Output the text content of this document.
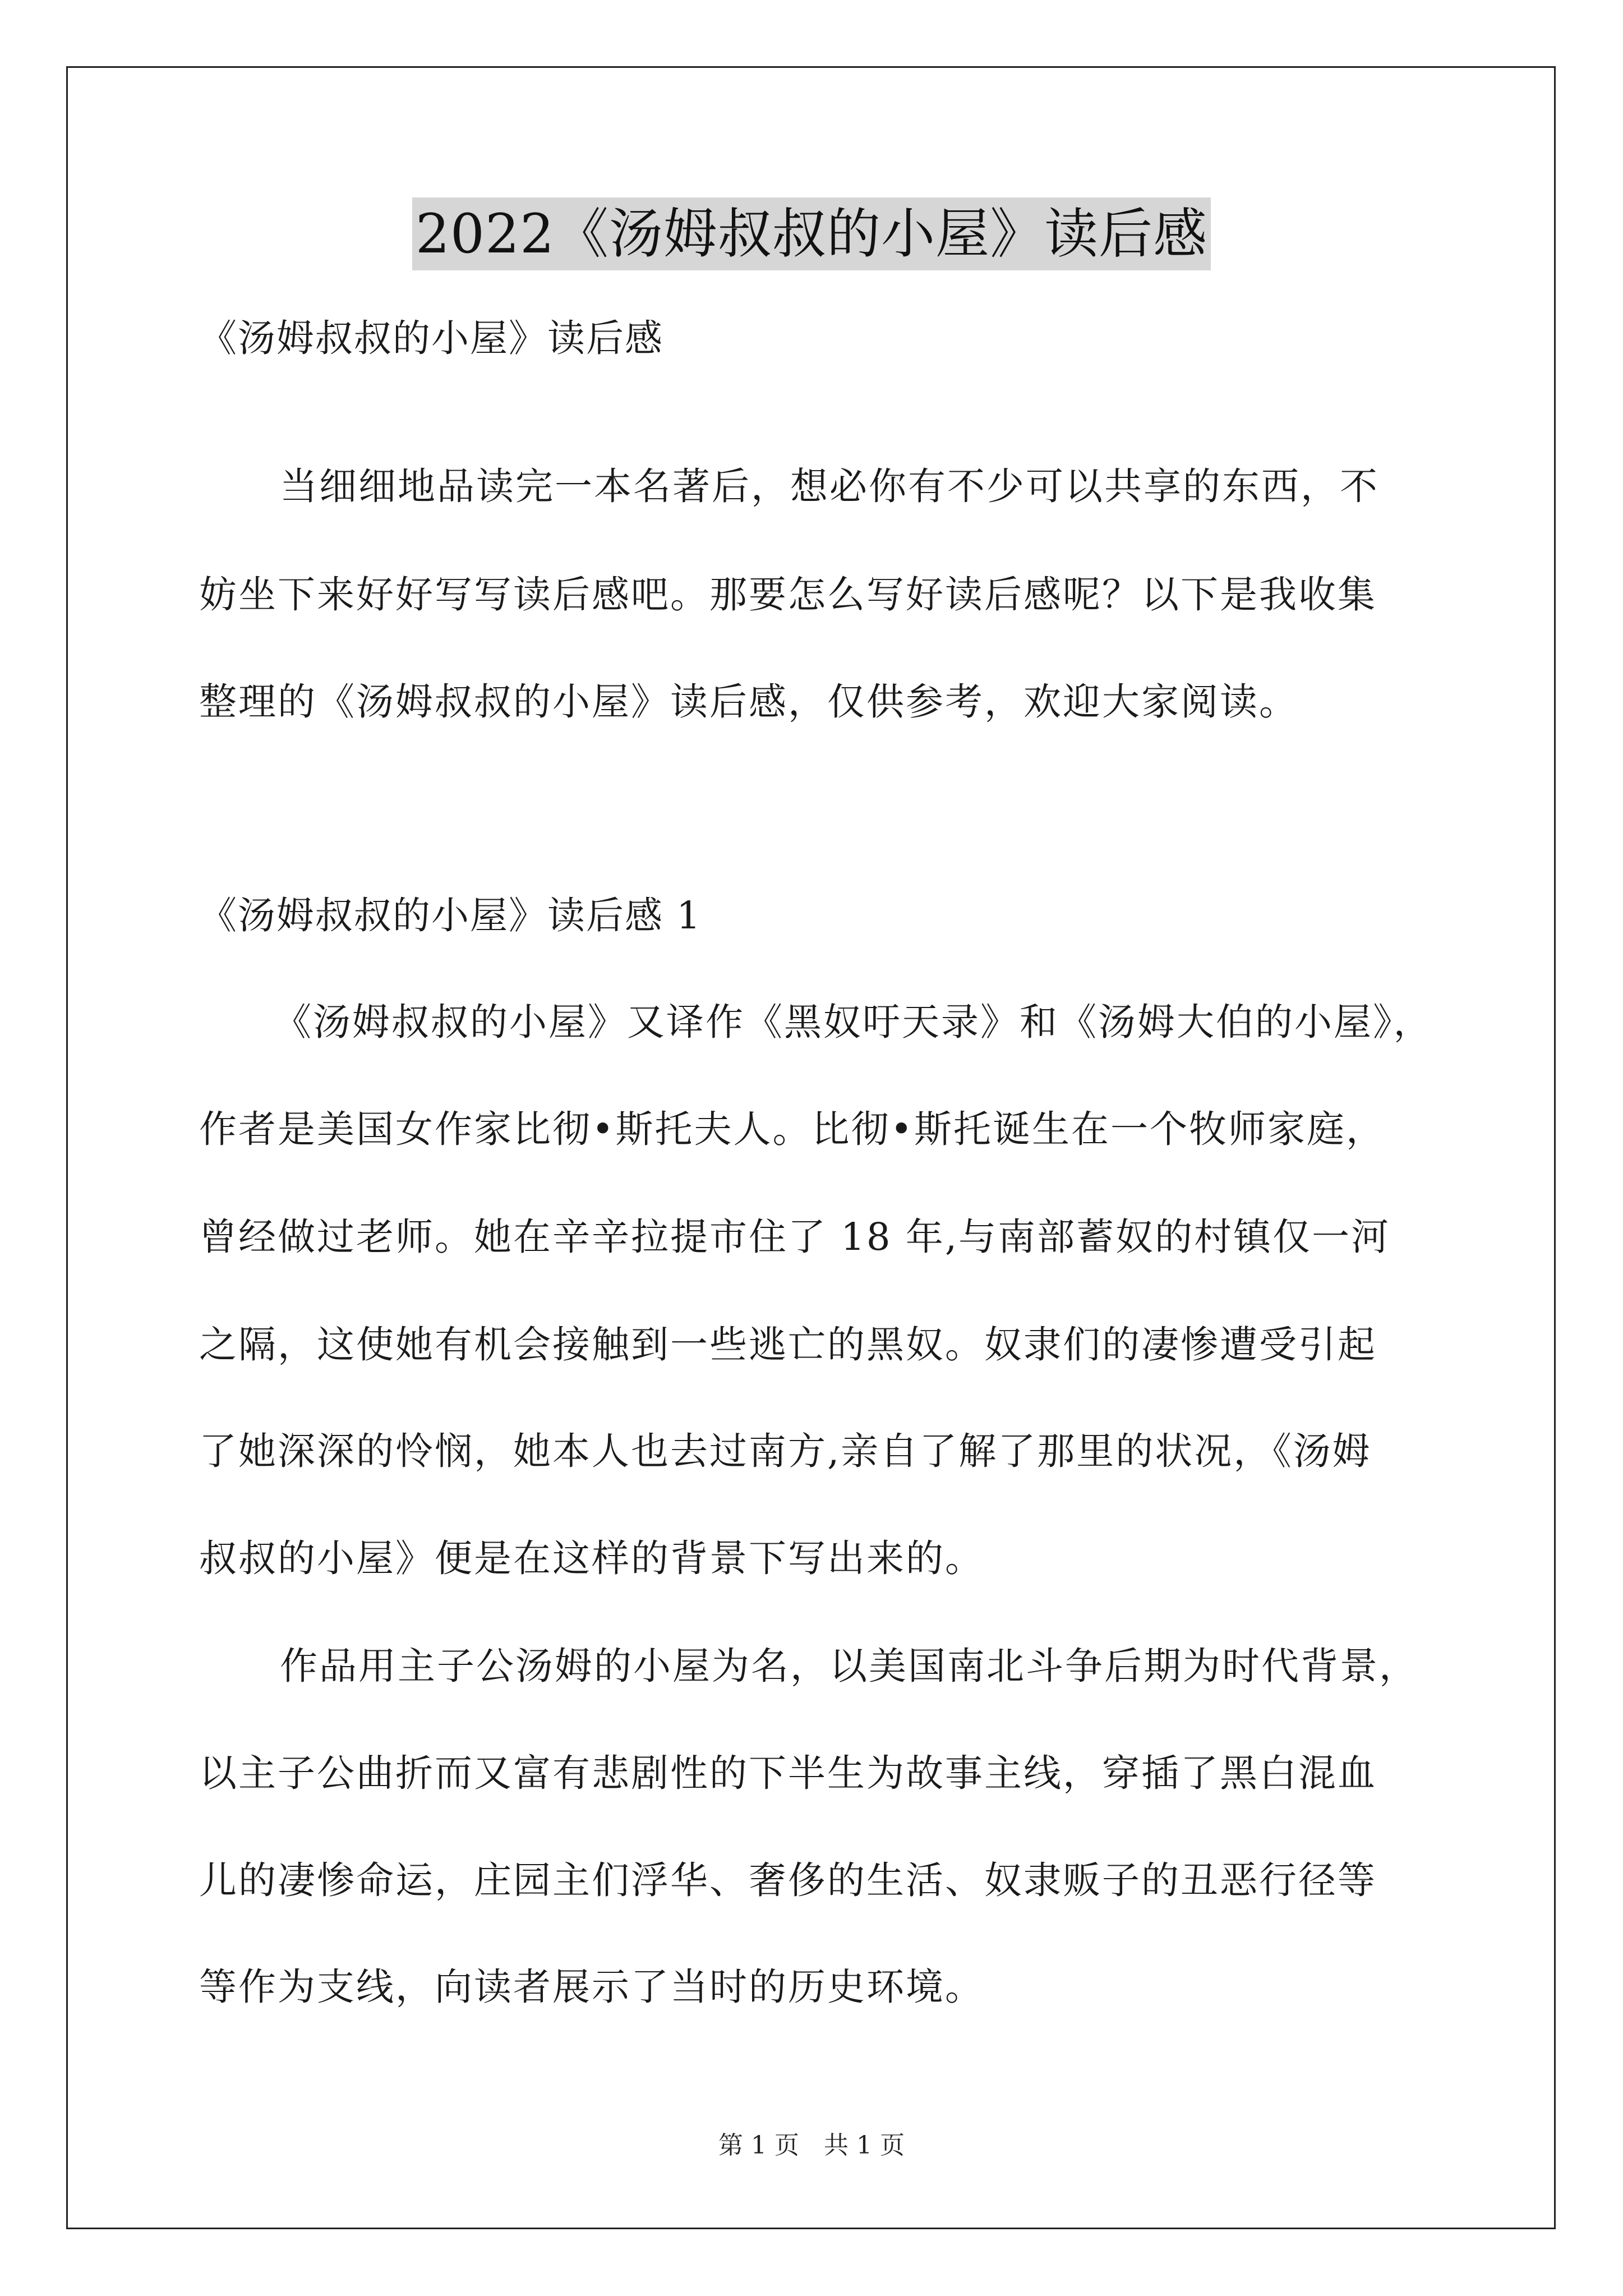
2022《汤姆叔叔的小屋》读后感
《汤姆叔叔的小屋》读后感
当细细地品读完一本名著后，想必你有不少可以共享的东西，不
妨坐下来好好写写读后感吧。那要怎么写好读后感呢？以下是我收集
整理的《汤姆叔叔的小屋》读后感，仅供参考，欢迎大家阅读。
《汤姆叔叔的小屋》读后感 1
《汤姆叔叔的小屋》又译作《黑奴吁天录》和《汤姆大伯的小屋》，
作者是美国女作家比彻•斯托夫人。比彻•斯托诞生在一个牧师家庭，
曾经做过老师。她在辛辛拉提市住了 18 年,与南部蓄奴的村镇仅一河
之隔，这使她有机会接触到一些逃亡的黑奴。奴隶们的凄惨遭受引起
了她深深的怜悯，她本人也去过南方,亲自了解了那里的状况，《汤姆
叔叔的小屋》便是在这样的背景下写出来的。
作品用主子公汤姆的小屋为名，以美国南北斗争后期为时代背景，
以主子公曲折而又富有悲剧性的下半生为故事主线，穿插了黑白混血
儿的凄惨命运，庄园主们浮华、奢侈的生活、奴隶贩子的丑恶行径等
等作为支线，向读者展示了当时的历史环境。
第 1 页 共 1 页
